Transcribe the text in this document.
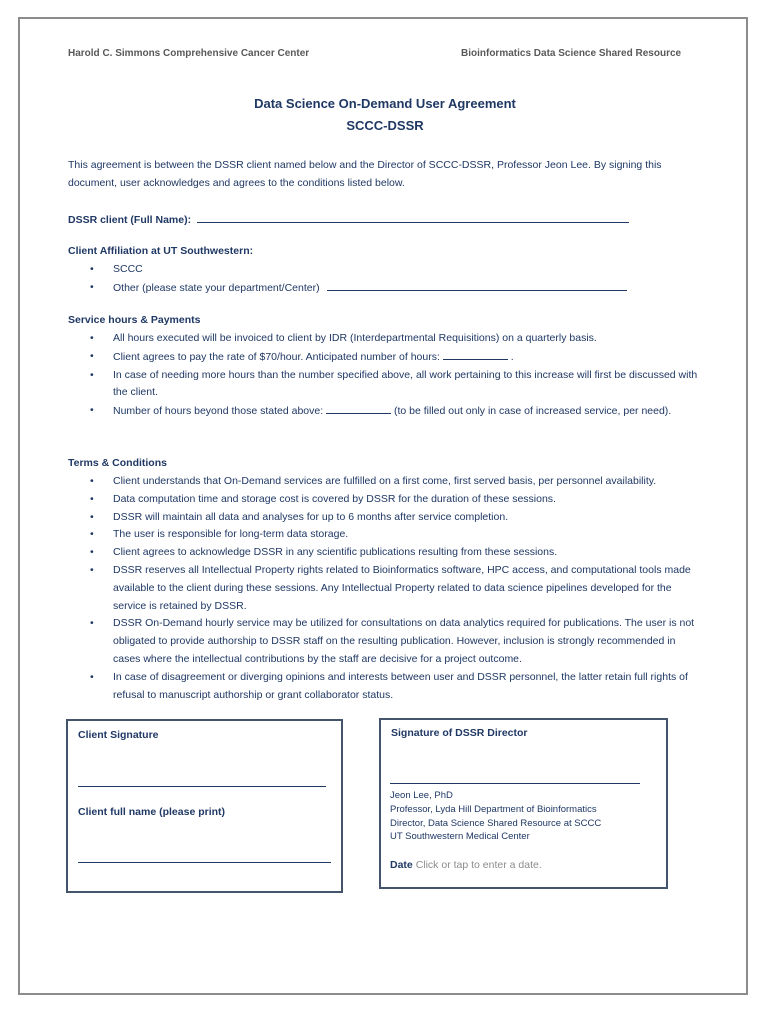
Harold C. Simmons Comprehensive Cancer Center	Bioinformatics Data Science Shared Resource
Data Science On-Demand User Agreement
SCCC-DSSR
This agreement is between the DSSR client named below and the Director of SCCC-DSSR, Professor Jeon Lee. By signing this document, user acknowledges and agrees to the conditions listed below.
DSSR client (Full Name):
Client Affiliation at UT Southwestern:
• SCCC
• Other (please state your department/Center)
Service hours & Payments
• All hours executed will be invoiced to client by IDR (Interdepartmental Requisitions) on a quarterly basis.
• Client agrees to pay the rate of $70/hour. Anticipated number of hours:	.
• In case of needing more hours than the number specified above, all work pertaining to this increase will first be discussed with the client.
• Number of hours beyond those stated above:	(to be filled out only in case of increased service, per need).
Terms & Conditions
• Client understands that On-Demand services are fulfilled on a first come, first served basis, per personnel availability.
• Data computation time and storage cost is covered by DSSR for the duration of these sessions.
• DSSR will maintain all data and analyses for up to 6 months after service completion.
• The user is responsible for long-term data storage.
• Client agrees to acknowledge DSSR in any scientific publications resulting from these sessions.
• DSSR reserves all Intellectual Property rights related to Bioinformatics software, HPC access, and computational tools made available to the client during these sessions. Any Intellectual Property related to data science pipelines developed for the service is retained by DSSR.
• DSSR On-Demand hourly service may be utilized for consultations on data analytics required for publications. The user is not obligated to provide authorship to DSSR staff on the resulting publication. However, inclusion is strongly recommended in cases where the intellectual contributions by the staff are decisive for a project outcome.
• In case of disagreement or diverging opinions and interests between user and DSSR personnel, the latter retain full rights of refusal to manuscript authorship or grant collaborator status.
Client Signature
Client full name (please print)
Signature of DSSR Director
Jeon Lee, PhD
Professor, Lyda Hill Department of Bioinformatics
Director, Data Science Shared Resource at SCCC
UT Southwestern Medical Center
Date Click or tap to enter a date.
